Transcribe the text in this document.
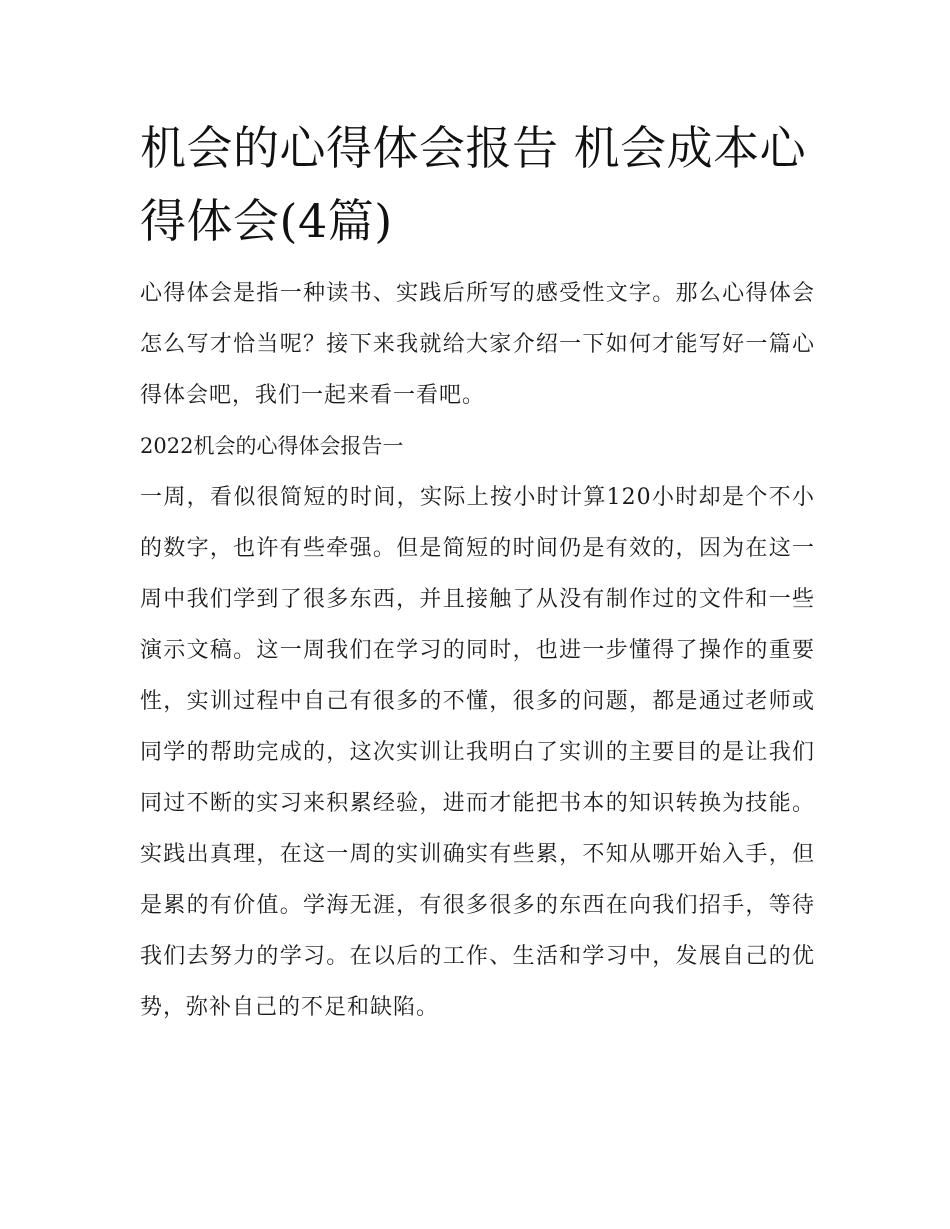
机会的心得体会报告 机会成本心得体会(4篇)

心得体会是指一种读书、实践后所写的感受性文字。那么心得体会怎么写才恰当呢？接下来我就给大家介绍一下如何才能写好一篇心得体会吧，我们一起来看一看吧。

2022机会的心得体会报告一

一周，看似很简短的时间，实际上按小时计算120小时却是个不小的数字，也许有些牵强。但是简短的时间仍是有效的，因为在这一周中我们学到了很多东西，并且接触了从没有制作过的文件和一些演示文稿。这一周我们在学习的同时，也进一步懂得了操作的重要性，实训过程中自己有很多的不懂，很多的问题，都是通过老师或同学的帮助完成的，这次实训让我明白了实训的主要目的是让我们同过不断的实习来积累经验，进而才能把书本的知识转换为技能。实践出真理，在这一周的实训确实有些累，不知从哪开始入手，但是累的有价值。学海无涯，有很多很多的东西在向我们招手，等待我们去努力的学习。在以后的工作、生活和学习中，发展自己的优势，弥补自己的不足和缺陷。
